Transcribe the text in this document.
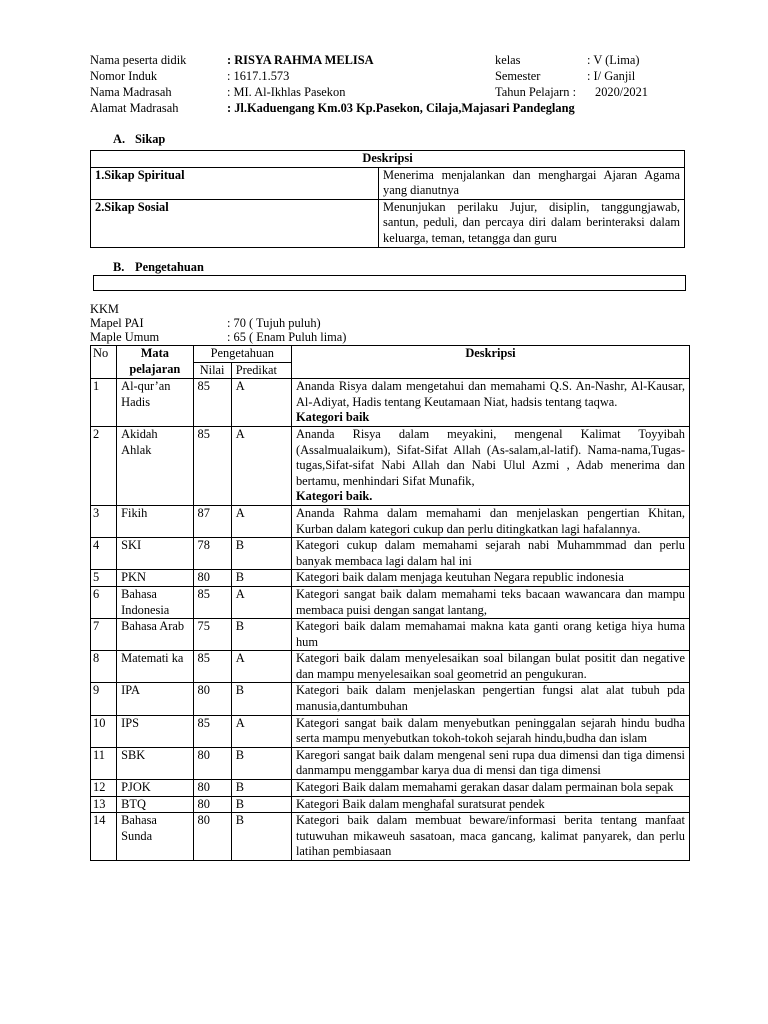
Nama peserta didik	: RISYA RAHMA MELISA	kelas	: V (Lima)
Nomor Induk	: 1617.1.573	Semester	: I/ Ganjil
Nama Madrasah	: MI. Al-Ikhlas Pasekon	Tahun Pelajarn : 2020/2021
Alamat Madrasah	: Jl.Kaduengang Km.03 Kp.Pasekon, Cilaja,Majasari Pandeglang
A. Sikap
Deskripsi	
1.Sikap Spiritual	Menerima menjalankan dan menghargai Ajaran Agama yang dianutnya
2.Sikap Sosial	Menunjukan perilaku Jujur, disiplin, tanggungjawab, santun, peduli, dan percaya diri dalam berinteraksi dalam keluarga, teman, tetangga dan guru
B. Pengetahuan
KKM
Mapel PAI	: 70 ( Tujuh puluh)
Maple Umum	: 65 ( Enam Puluh lima)
No	Mata pelajaran	Pengetahuan		Deskripsi
		Nilai	Predikat	
1	Al-qur’an Hadis	85	A	Ananda Risya dalam mengetahui dan memahami Q.S. An-Nashr, Al-Kausar, Al-Adiyat, Hadis tentang Keutamaan Niat, hadsis tentang taqwa.
Kategori baik

2	Akidah Ahlak	85	A	Ananda Risya dalam meyakini, mengenal Kalimat Toyyibah (Assalmualaikum), Sifat-Sifat Allah (As-salam,al-latif). Nama-nama,Tugas-tugas,Sifat-sifat Nabi Allah dan Nabi Ulul Azmi , Adab menerima dan bertamu, menhindari Sifat Munafik,
Kategori baik.

3	Fikih	87	A	Ananda Rahma dalam memahami dan menjelaskan pengertian Khitan, Kurban dalam kategori cukup dan perlu ditingkatkan lagi hafalannya.
4	SKI	78	B	Kategori cukup dalam memahami sejarah nabi Muhammmad dan perlu banyak membaca lagi dalam hal ini
5	PKN	80	B	Kategori baik dalam menjaga keutuhan Negara republic indonesia
6	Bahasa Indonesia	85	A	Kategori sangat baik dalam memahami teks bacaan wawancara dan mampu membaca puisi dengan sangat lantang,
7	Bahasa Arab	75	B	Kategori baik dalam memahamai makna kata ganti orang ketiga hiya huma hum
8	Matemati ka	85	A	Kategori baik dalam menyelesaikan soal bilangan bulat positit dan negative dan mampu menyelesaikan soal geometrid an pengukuran.
9	IPA	80	B	Kategori baik dalam menjelaskan pengertian fungsi alat alat tubuh pda manusia,dantumbuhan
10	IPS	85	A	Kategori sangat baik dalam menyebutkan peninggalan sejarah hindu budha serta mampu menyebutkan tokoh-tokoh sejarah hindu,budha dan islam
11	SBK	80	B	Karegori sangat baik dalam mengenal seni rupa dua dimensi dan tiga dimensi danmampu menggambar karya dua di mensi dan tiga dimensi
12	PJOK	80	B	Kategori Baik dalam memahami gerakan dasar dalam permainan bola sepak
13	BTQ	80	B	Kategori Baik dalam menghafal suratsurat pendek
14	Bahasa Sunda	80	B	Kategori baik dalam membuat beware/informasi berita tentang manfaat tutuwuhan mikaweuh sasatoan, maca gancang, kalimat panyarek, dan perlu latihan pembiasaan
